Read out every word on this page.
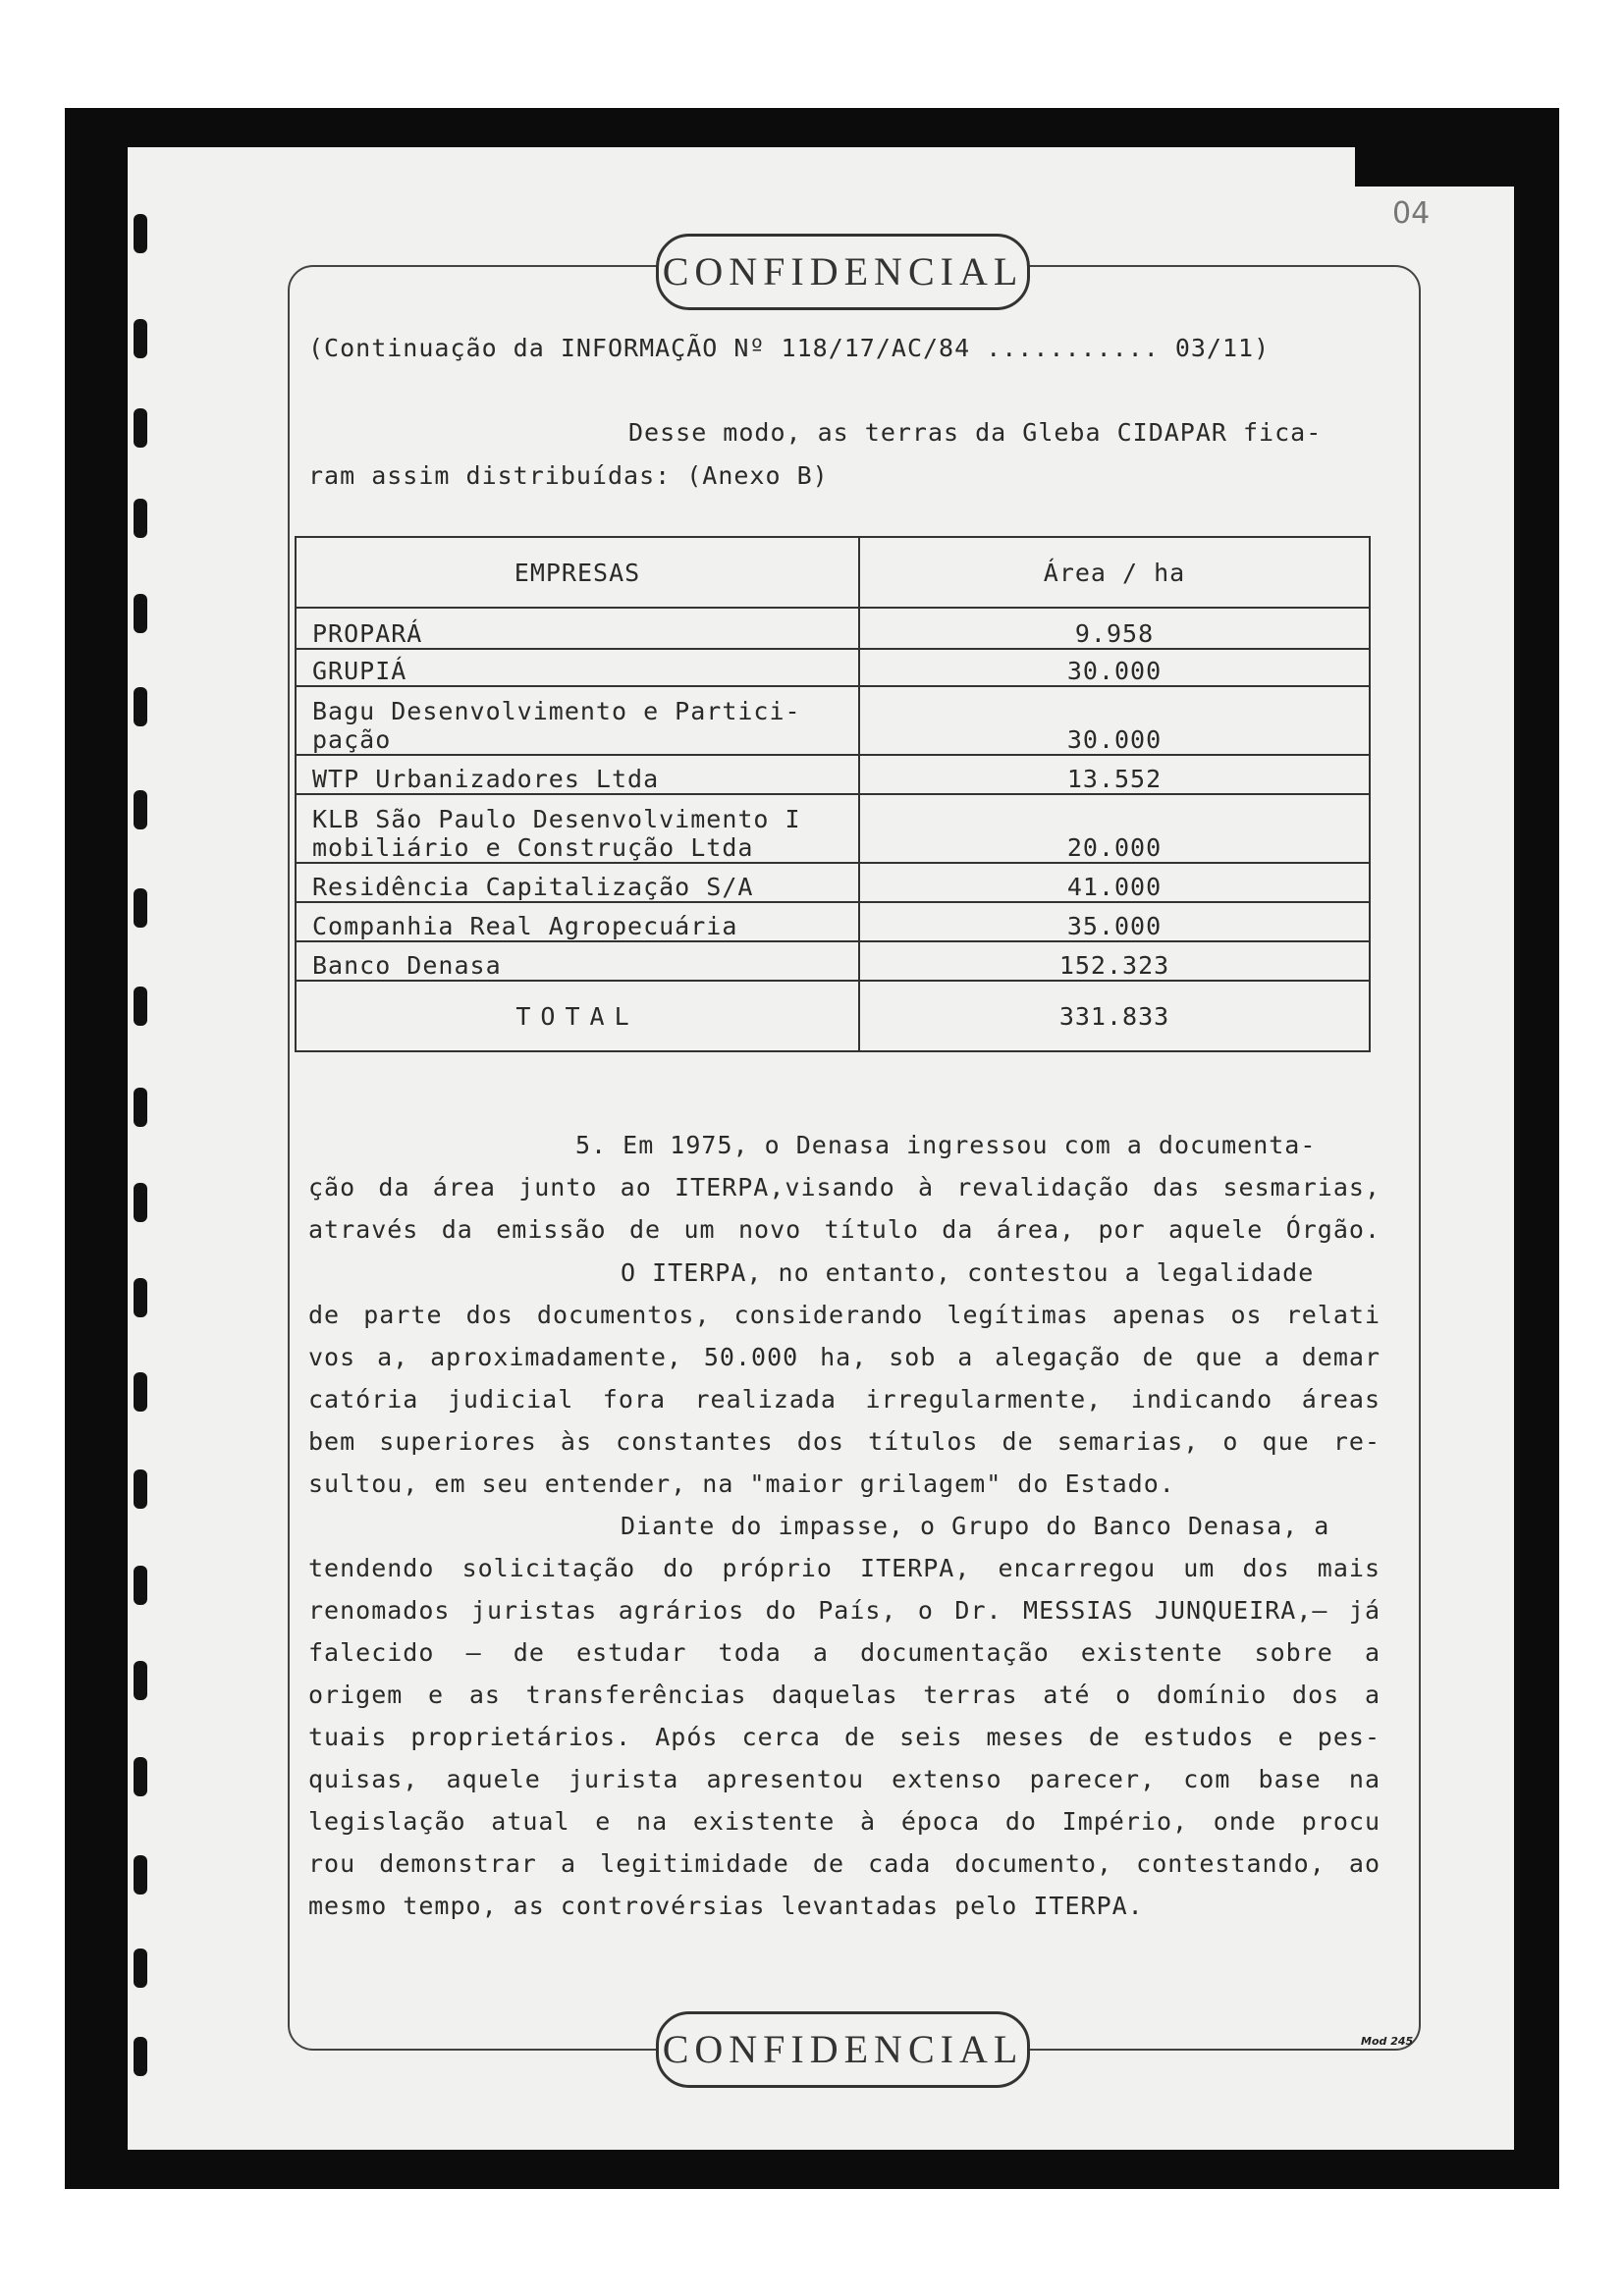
04
CONFIDENCIAL
CONFIDENCIAL	Mod 245
(Continuação da INFORMAÇÃO Nº 118/17/AC/84 ........... 03/11)
Desse modo, as terras da Gleba CIDAPAR fica-
ram assim distribuídas: (Anexo B)
EMPRESAS	Área / ha
PROPARÁ	9.958
GRUPIÁ	30.000
Bagu Desenvolvimento e Partici-
pação	30.000
WTP Urbanizadores Ltda	13.552
KLB São Paulo Desenvolvimento I
mobiliário e Construção Ltda	20.000
Residência Capitalização S/A	41.000
Companhia Real Agropecuária	35.000
Banco Denasa	152.323
TOTAL	331.833
5. Em 1975, o Denasa ingressou com a documenta-
ção da área junto ao ITERPA,visando à revalidação das sesmarias,
através da emissão de um novo título da área, por aquele Órgão.
O ITERPA, no entanto, contestou a legalidade
de parte dos documentos, considerando legítimas apenas os relati
vos a, aproximadamente, 50.000 ha, sob a alegação de que a demar
catória judicial fora realizada irregularmente, indicando áreas
bem superiores às constantes dos títulos de semarias, o que re-
sultou, em seu entender, na "maior grilagem" do Estado.
Diante do impasse, o Grupo do Banco Denasa, a
tendendo solicitação do próprio ITERPA, encarregou um dos mais
renomados juristas agrários do País, o Dr. MESSIAS JUNQUEIRA,— já
falecido — de estudar toda a documentação existente sobre a
origem e as transferências daquelas terras até o domínio dos a
tuais proprietários. Após cerca de seis meses de estudos e pes-
quisas, aquele jurista apresentou extenso parecer, com base na
legislação atual e na existente à época do Império, onde procu
rou demonstrar a legitimidade de cada documento, contestando, ao
mesmo tempo, as controvérsias levantadas pelo ITERPA.
